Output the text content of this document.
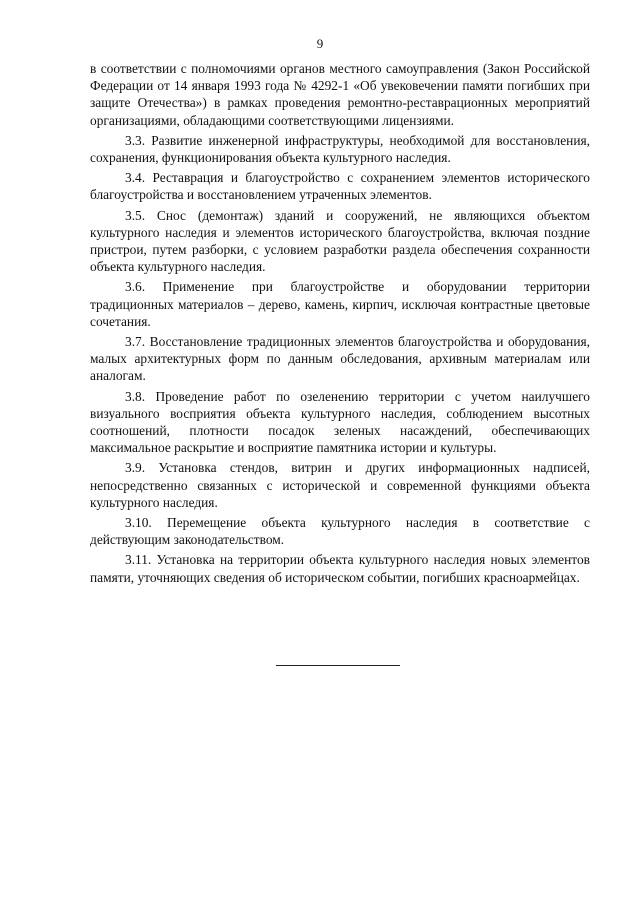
9

в соответствии с полномочиями органов местного самоуправления (Закон Российской Федерации от 14 января 1993 года № 4292-1 «Об увековечении памяти погибших при защите Отечества») в рамках проведения ремонтно-реставрационных мероприятий организациями, обладающими соответствующими лицензиями.

3.3. Развитие инженерной инфраструктуры, необходимой для восстановления, сохранения, функционирования объекта культурного наследия.

3.4. Реставрация и благоустройство с сохранением элементов исторического благоустройства и восстановлением утраченных элементов.

3.5. Снос (демонтаж) зданий и сооружений, не являющихся объектом культурного наследия и элементов исторического благоустройства, включая поздние пристрои, путем разборки, с условием разработки раздела обеспечения сохранности объекта культурного наследия.

3.6. Применение при благоустройстве и оборудовании территории традиционных материалов – дерево, камень, кирпич, исключая контрастные цветовые сочетания.

3.7. Восстановление традиционных элементов благоустройства и оборудования, малых архитектурных форм по данным обследования, архивным материалам или аналогам.

3.8. Проведение работ по озеленению территории с учетом наилучшего визуального восприятия объекта культурного наследия, соблюдением высотных соотношений, плотности посадок зеленых насаждений, обеспечивающих максимальное раскрытие и восприятие памятника истории и культуры.

3.9. Установка стендов, витрин и других информационных надписей, непосредственно связанных с исторической и современной функциями объекта культурного наследия.

3.10. Перемещение объекта культурного наследия в соответствие с действующим законодательством.

3.11. Установка на территории объекта культурного наследия новых элементов памяти, уточняющих сведения об историческом событии, погибших красноармейцах.
